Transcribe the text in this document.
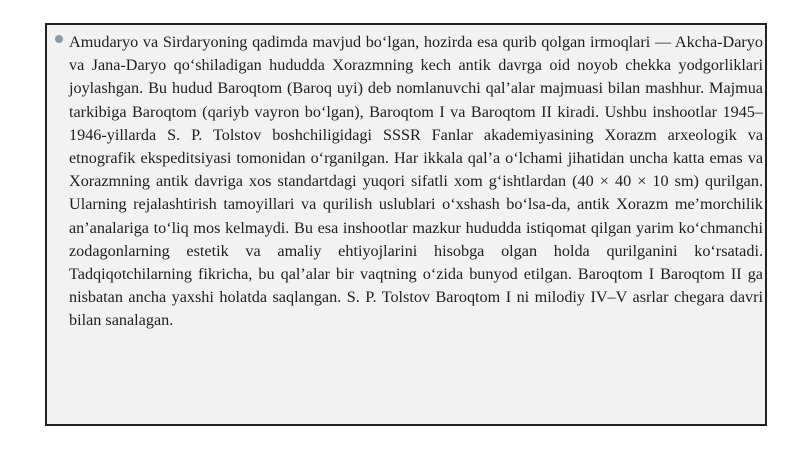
Amudaryo va Sirdaryoning qadimda mavjud bo‘lgan, hozirda esa qurib qolgan irmoqlari — Akcha-Daryo va Jana-Daryo qo‘shiladigan hududda Xorazmning kech antik davrga oid noyob chekka yodgorliklari joylashgan. Bu hudud Baroqtom (Baroq uyi) deb nomlanuvchi qal’alar majmuasi bilan mashhur. Majmua tarkibiga Baroqtom (qariyb vayron bo‘lgan), Baroqtom I va Baroqtom II kiradi. Ushbu inshootlar 1945–1946-yillarda S. P. Tolstov boshchiligidagi SSSR Fanlar akademiyasining Xorazm arxeologik va etnografik ekspeditsiyasi tomonidan o‘rganilgan. Har ikkala qal’a o‘lchami jihatidan uncha katta emas va Xorazmning antik davriga xos standartdagi yuqori sifatli xom g‘ishtlardan (40 × 40 × 10 sm) qurilgan. Ularning rejalashtirish tamoyillari va qurilish uslublari o‘xshash bo‘lsa-da, antik Xorazm me’morchilik an’analariga to‘liq mos kelmaydi. Bu esa inshootlar mazkur hududda istiqomat qilgan yarim ko‘chmanchi zodagonlarning estetik va amaliy ehtiyojlarini hisobga olgan holda qurilganini ko‘rsatadi. Tadqiqotchilarning fikricha, bu qal’alar bir vaqtning o‘zida bunyod etilgan. Baroqtom I Baroqtom II ga nisbatan ancha yaxshi holatda saqlangan. S. P. Tolstov Baroqtom I ni milodiy IV–V asrlar chegara davri bilan sanalagan.
